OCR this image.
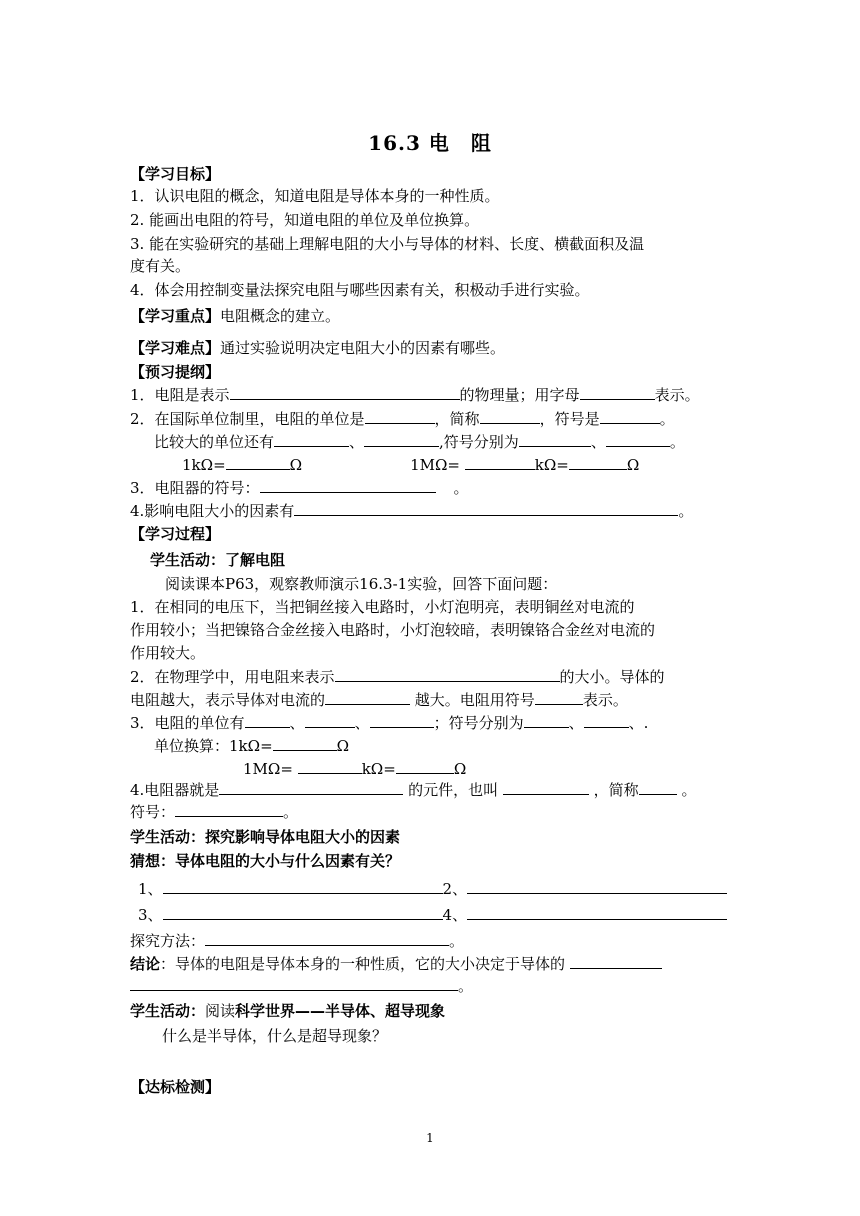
16.3 电　阻
【学习目标】
1．认识电阻的概念，知道电阻是导体本身的一种性质。
2. 能画出电阻的符号，知道电阻的单位及单位换算。
3. 能在实验研究的基础上理解电阻的大小与导体的材料、长度、横截面积及温
度有关。
4．体会用控制变量法探究电阻与哪些因素有关，积极动手进行实验。
【学习重点】电阻概念的建立。
【学习难点】通过实验说明决定电阻大小的因素有哪些。
【预习提纲】
1．电阻是表示	的物理量；用字母	表示。
2．在国际单位制里，电阻的单位是	，简称	，符号是	。
比较大的单位还有	、	,符号分别为	、	。
1kΩ=	Ω	1MΩ=	kΩ=	Ω
3．电阻器的符号：	。
4.影响电阻大小的因素有	。
【学习过程】
学生活动：了解电阻
阅读课本P63，观察教师演示16.3-1实验，回答下面问题：
1．在相同的电压下，当把铜丝接入电路时，小灯泡明亮，表明铜丝对电流的
作用较小；当把镍铬合金丝接入电路时，小灯泡较暗，表明镍铬合金丝对电流的
作用较大。
2．在物理学中，用电阻来表示	的大小。导体的
电阻越大，表示导体对电流的	越大。电阻用符号	表示。
3．电阻的单位有	、	、	；符号分别为	、	、.
单位换算：1kΩ=	Ω
1MΩ=	kΩ=	Ω
4.电阻器就是	的元件，也叫	，简称	。
符号：	。
学生活动：探究影响导体电阻大小的因素
猜想：导体电阻的大小与什么因素有关？
1、	2、
3、	4、
探究方法：	。
结论：导体的电阻是导体本身的一种性质，它的大小决定于导体的
。
学生活动：阅读科学世界——半导体、超导现象
什么是半导体，什么是超导现象？
【达标检测】
1
